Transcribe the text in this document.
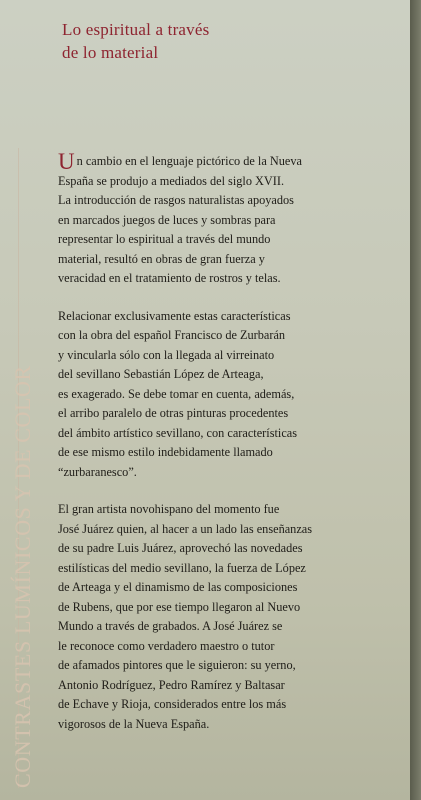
Lo espiritual a través
de lo material
CONTRASTES LUMÍNICOS Y DE COLOR
U n cambio en el lenguaje pictórico de la Nueva

España se produjo a mediados del siglo XVII.

La introducción de rasgos naturalistas apoyados

en marcados juegos de luces y sombras para

representar lo espiritual a través del mundo

material, resultó en obras de gran fuerza y

veracidad en el tratamiento de rostros y telas.

Relacionar exclusivamente estas características

con la obra del español Francisco de Zurbarán

y vincularla sólo con la llegada al virreinato

del sevillano Sebastián López de Arteaga,

es exagerado. Se debe tomar en cuenta, además,

el arribo paralelo de otras pinturas procedentes

del ámbito artístico sevillano, con características

de ese mismo estilo indebidamente llamado

“zurbaranesco”.

El gran artista novohispano del momento fue

José Juárez quien, al hacer a un lado las enseñanzas

de su padre Luis Juárez, aprovechó las novedades

estilísticas del medio sevillano, la fuerza de López

de Arteaga y el dinamismo de las composiciones

de Rubens, que por ese tiempo llegaron al Nuevo

Mundo a través de grabados. A José Juárez se

le reconoce como verdadero maestro o tutor

de afamados pintores que le siguieron: su yerno,

Antonio Rodríguez, Pedro Ramírez y Baltasar

de Echave y Rioja, considerados entre los más

vigorosos de la Nueva España.
